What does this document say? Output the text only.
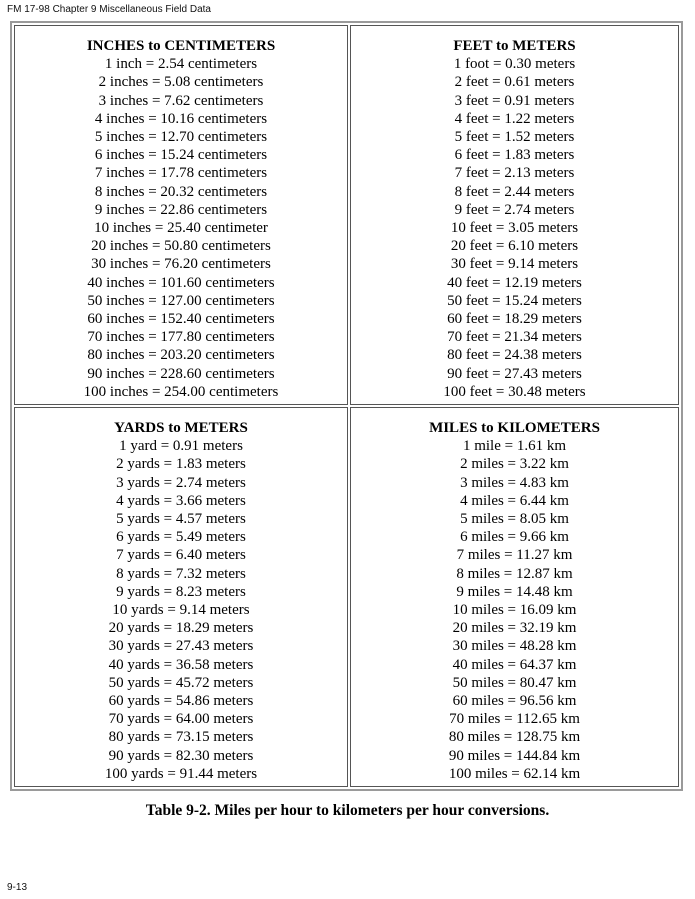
FM 17-98 Chapter 9 Miscellaneous Field Data
INCHES to CENTIMETERS
1 inch = 2.54 centimeters
2 inches = 5.08 centimeters
3 inches = 7.62 centimeters
4 inches = 10.16 centimeters
5 inches = 12.70 centimeters
6 inches = 15.24 centimeters
7 inches = 17.78 centimeters
8 inches = 20.32 centimeters
9 inches = 22.86 centimeters
10 inches = 25.40 centimeter
20 inches = 50.80 centimeters
30 inches = 76.20 centimeters
40 inches = 101.60 centimeters
50 inches = 127.00 centimeters
60 inches = 152.40 centimeters
70 inches = 177.80 centimeters
80 inches = 203.20 centimeters
90 inches = 228.60 centimeters
100 inches = 254.00 centimeters
FEET to METERS
1 foot = 0.30 meters
2 feet = 0.61 meters
3 feet = 0.91 meters
4 feet = 1.22 meters
5 feet = 1.52 meters
6 feet = 1.83 meters
7 feet = 2.13 meters
8 feet = 2.44 meters
9 feet = 2.74 meters
10 feet = 3.05 meters
20 feet = 6.10 meters
30 feet = 9.14 meters
40 feet = 12.19 meters
50 feet = 15.24 meters
60 feet = 18.29 meters
70 feet = 21.34 meters
80 feet = 24.38 meters
90 feet = 27.43 meters
100 feet = 30.48 meters
YARDS to METERS
1 yard = 0.91 meters
2 yards = 1.83 meters
3 yards = 2.74 meters
4 yards = 3.66 meters
5 yards = 4.57 meters
6 yards = 5.49 meters
7 yards = 6.40 meters
8 yards = 7.32 meters
9 yards = 8.23 meters
10 yards = 9.14 meters
20 yards = 18.29 meters
30 yards = 27.43 meters
40 yards = 36.58 meters
50 yards = 45.72 meters
60 yards = 54.86 meters
70 yards = 64.00 meters
80 yards = 73.15 meters
90 yards = 82.30 meters
100 yards = 91.44 meters
MILES to KILOMETERS
1 mile = 1.61 km
2 miles = 3.22 km
3 miles = 4.83 km
4 miles = 6.44 km
5 miles = 8.05 km
6 miles = 9.66 km
7 miles = 11.27 km
8 miles = 12.87 km
9 miles = 14.48 km
10 miles = 16.09 km
20 miles = 32.19 km
30 miles = 48.28 km
40 miles = 64.37 km
50 miles = 80.47 km
60 miles = 96.56 km
70 miles = 112.65 km
80 miles = 128.75 km
90 miles = 144.84 km
100 miles = 62.14 km
Table 9-2. Miles per hour to kilometers per hour conversions.
9-13
